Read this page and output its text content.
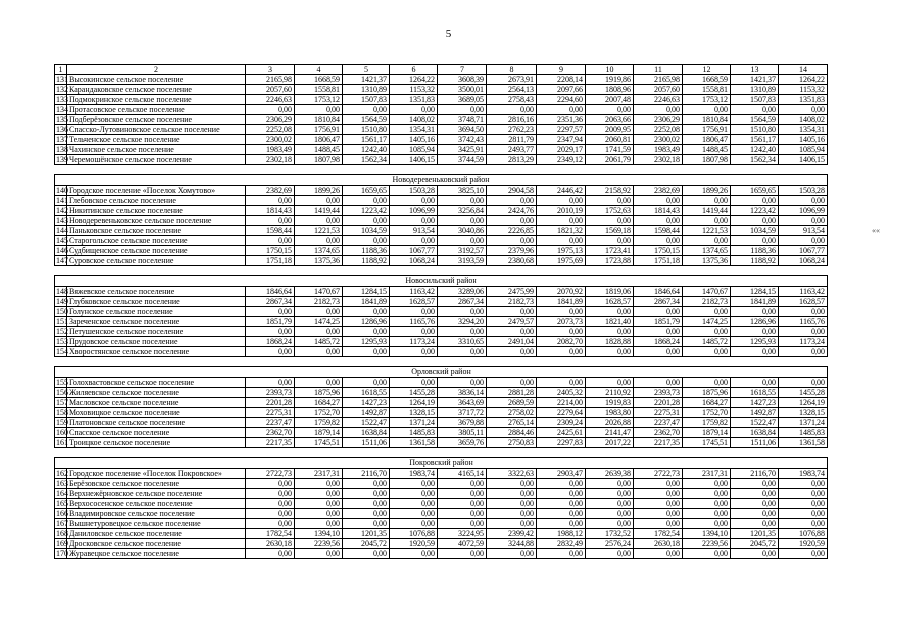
5
««
1	2	3	4	5	6	7	8	9	10	11	12	13	14
131	Высокинское сельское поселение	2165,98	1668,59	1421,37	1264,22	3608,39	2673,91	2208,14	1919,86	2165,98	1668,59	1421,37	1264,22
132	Карандаковское сельское поселение	2057,60	1558,81	1310,89	1153,32	3500,01	2564,13	2097,66	1808,96	2057,60	1558,81	1310,89	1153,32
133	Подмокринское сельское поселение	2246,63	1753,12	1507,83	1351,83	3689,05	2758,43	2294,60	2007,48	2246,63	1753,12	1507,83	1351,83
134	Протасовское сельское поселение	0,00	0,00	0,00	0,00	0,00	0,00	0,00	0,00	0,00	0,00	0,00	0,00
135	Подберёзовское сельское поселение	2306,29	1810,84	1564,59	1408,02	3748,71	2816,16	2351,36	2063,66	2306,29	1810,84	1564,59	1408,02
136	Спасско-Лутовиновское сельское поселение	2252,08	1756,91	1510,80	1354,31	3694,50	2762,23	2297,57	2009,95	2252,08	1756,91	1510,80	1354,31
137	Тельченское сельское поселение	2300,02	1806,47	1561,17	1405,16	3742,43	2811,79	2347,94	2060,81	2300,02	1806,47	1561,17	1405,16
138	Чахинское сельское поселение	1983,49	1488,45	1242,40	1085,94	3425,91	2493,77	2029,17	1741,59	1983,49	1488,45	1242,40	1085,94
139	Черемошёнское сельское поселение	2302,18	1807,98	1562,34	1406,15	3744,59	2813,29	2349,12	2061,79	2302,18	1807,98	1562,34	1406,15

Новодеревеньковский район													
140	Городское поселение «Поселок Хомутово»	2382,69	1899,26	1659,65	1503,28	3825,10	2904,58	2446,42	2158,92	2382,69	1899,26	1659,65	1503,28
141	Глебовское сельское поселение	0,00	0,00	0,00	0,00	0,00	0,00	0,00	0,00	0,00	0,00	0,00	0,00
142	Никитинское сельское поселение	1814,43	1419,44	1223,42	1096,99	3256,84	2424,76	2010,19	1752,63	1814,43	1419,44	1223,42	1096,99
143	Новодеревеньковское сельское поселение	0,00	0,00	0,00	0,00	0,00	0,00	0,00	0,00	0,00	0,00	0,00	0,00
144	Паньковское сельское поселение	1598,44	1221,53	1034,59	913,54	3040,86	2226,85	1821,32	1569,18	1598,44	1221,53	1034,59	913,54
145	Старогольское сельское поселение	0,00	0,00	0,00	0,00	0,00	0,00	0,00	0,00	0,00	0,00	0,00	0,00
146	Судбищенское сельское поселение	1750,15	1374,65	1188,36	1067,77	3192,57	2379,96	1975,13	1723,41	1750,15	1374,65	1188,36	1067,77
147	Суровское сельское поселение	1751,18	1375,36	1188,92	1068,24	3193,59	2380,68	1975,69	1723,88	1751,18	1375,36	1188,92	1068,24

Новосильский район													
148	Вяжевское сельское поселение	1846,64	1470,67	1284,15	1163,42	3289,06	2475,99	2070,92	1819,06	1846,64	1470,67	1284,15	1163,42
149	Глубковское сельское поселение	2867,34	2182,73	1841,89	1628,57	2867,34	2182,73	1841,89	1628,57	2867,34	2182,73	1841,89	1628,57
150	Голунское сельское поселение	0,00	0,00	0,00	0,00	0,00	0,00	0,00	0,00	0,00	0,00	0,00	0,00
151	Зареченское сельское поселение	1851,79	1474,25	1286,96	1165,76	3294,20	2479,57	2073,73	1821,40	1851,79	1474,25	1286,96	1165,76
152	Петушенское сельское поселение	0,00	0,00	0,00	0,00	0,00	0,00	0,00	0,00	0,00	0,00	0,00	0,00
153	Прудовское сельское поселение	1868,24	1485,72	1295,93	1173,24	3310,65	2491,04	2082,70	1828,88	1868,24	1485,72	1295,93	1173,24
154	Хворостянское сельское поселение	0,00	0,00	0,00	0,00	0,00	0,00	0,00	0,00	0,00	0,00	0,00	0,00

Орловский район													
155	Голохвастовское сельское поселение	0,00	0,00	0,00	0,00	0,00	0,00	0,00	0,00	0,00	0,00	0,00	0,00
156	Жиляевское сельское поселение	2393,73	1875,96	1618,55	1455,28	3836,14	2881,28	2405,32	2110,92	2393,73	1875,96	1618,55	1455,28
157	Масловское сельское поселение	2201,28	1684,27	1427,23	1264,19	3643,69	2689,59	2214,00	1919,83	2201,28	1684,27	1427,23	1264,19
158	Моховицкое сельское поселение	2275,31	1752,70	1492,87	1328,15	3717,72	2758,02	2279,64	1983,80	2275,31	1752,70	1492,87	1328,15
159	Платоновское сельское поселение	2237,47	1759,82	1522,47	1371,24	3679,88	2765,14	2309,24	2026,88	2237,47	1759,82	1522,47	1371,24
160	Спасское сельское поселение	2362,70	1879,14	1638,84	1485,83	3805,11	2884,46	2425,61	2141,47	2362,70	1879,14	1638,84	1485,83
161	Троицкое сельское поселение	2217,35	1745,51	1511,06	1361,58	3659,76	2750,83	2297,83	2017,22	2217,35	1745,51	1511,06	1361,58

Покровский район													
162	Городское поселение «Поселок Покровское»	2722,73	2317,31	2116,70	1983,74	4165,14	3322,63	2903,47	2639,38	2722,73	2317,31	2116,70	1983,74
163	Берёзовское сельское поселение	0,00	0,00	0,00	0,00	0,00	0,00	0,00	0,00	0,00	0,00	0,00	0,00
164	Верхнежёрновское сельское поселение	0,00	0,00	0,00	0,00	0,00	0,00	0,00	0,00	0,00	0,00	0,00	0,00
165	Верхососенское сельское поселение	0,00	0,00	0,00	0,00	0,00	0,00	0,00	0,00	0,00	0,00	0,00	0,00
166	Владимировское сельское поселение	0,00	0,00	0,00	0,00	0,00	0,00	0,00	0,00	0,00	0,00	0,00	0,00
167	Вышнетуровецкое сельское поселение	0,00	0,00	0,00	0,00	0,00	0,00	0,00	0,00	0,00	0,00	0,00	0,00
168	Даниловское сельское поселение	1782,54	1394,10	1201,35	1076,88	3224,95	2399,42	1988,12	1732,52	1782,54	1394,10	1201,35	1076,88
169	Дросковское сельское поселение	2630,18	2239,56	2045,72	1920,59	4072,59	3244,88	2832,49	2576,24	2630,18	2239,56	2045,72	1920,59
170	Журавецкое сельское поселение	0,00	0,00	0,00	0,00	0,00	0,00	0,00	0,00	0,00	0,00	0,00	0,00
